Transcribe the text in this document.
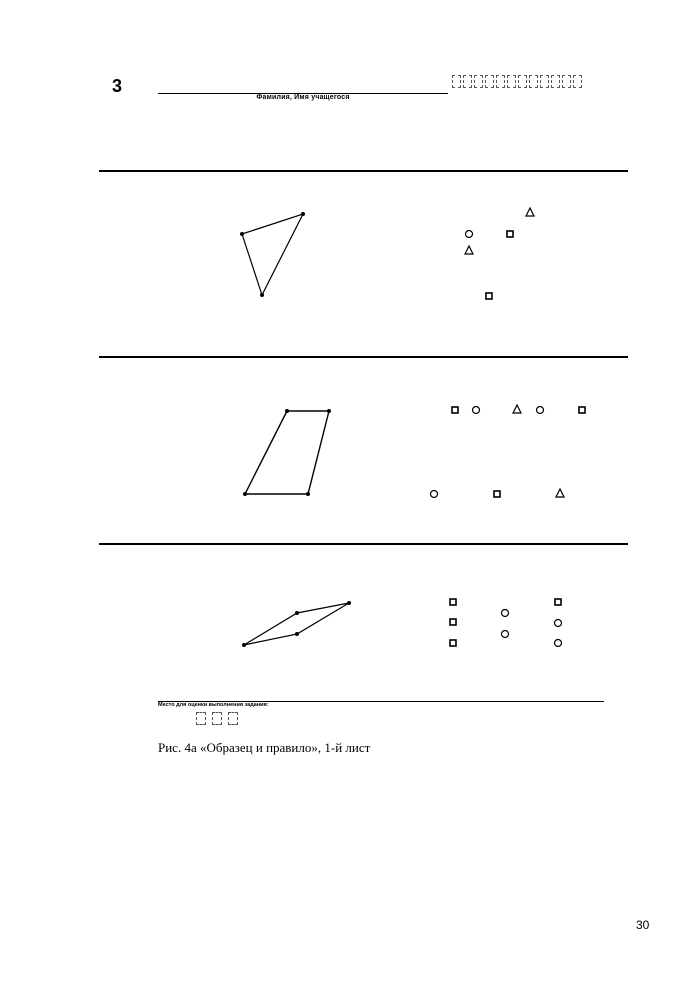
3
Фамилия, Имя учащегося
Место для оценки выполнения задания:
Рис. 4а «Образец и правило», 1-й лист
30
